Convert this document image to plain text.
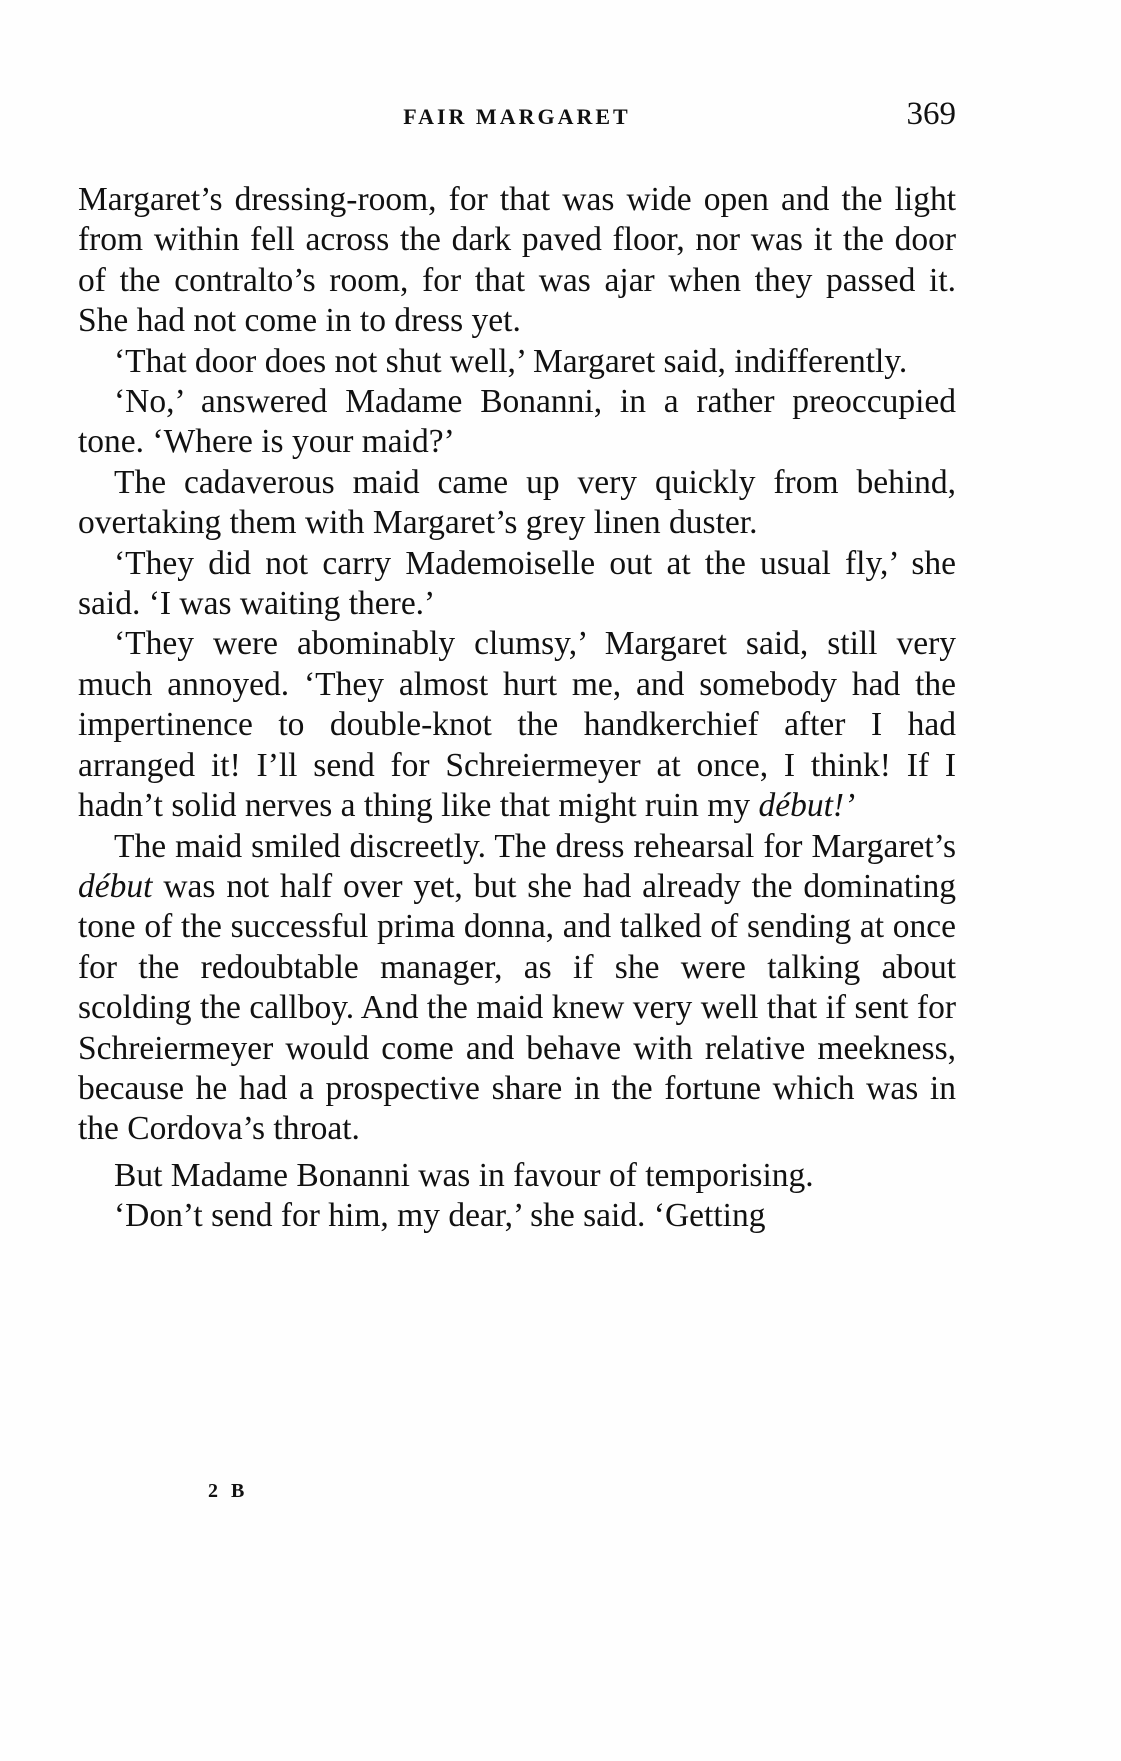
FAIR MARGARET	369

Margaret’s dressing-room, for that was wide open and the light from within fell across the dark paved floor, nor was it the door of the contralto’s room, for that was ajar when they passed it. She had not come in to dress yet.

‘That door does not shut well,’ Margaret said, indifferently.

‘No,’ answered Madame Bonanni, in a rather preoccupied tone. ‘Where is your maid?’

The cadaverous maid came up very quickly from behind, overtaking them with Margaret’s grey linen duster.

‘They did not carry Mademoiselle out at the usual fly,’ she said. ‘I was waiting there.’

‘They were abominably clumsy,’ Margaret said, still very much annoyed. ‘They almost hurt me, and somebody had the impertinence to double-knot the handkerchief after I had arranged it! I’ll send for Schreiermeyer at once, I think! If I hadn’t solid nerves a thing like that might ruin my début!’

The maid smiled discreetly. The dress rehearsal for Margaret’s début was not half over yet, but she had already the dominating tone of the successful prima donna, and talked of sending at once for the redoubtable manager, as if she were talking about scolding the callboy. And the maid knew very well that if sent for Schreiermeyer would come and behave with relative meekness, because he had a prospective share in the fortune which was in the Cordova’s throat.

But Madame Bonanni was in favour of temporising.

‘Don’t send for him, my dear,’ she said. ‘Getting

2 B
